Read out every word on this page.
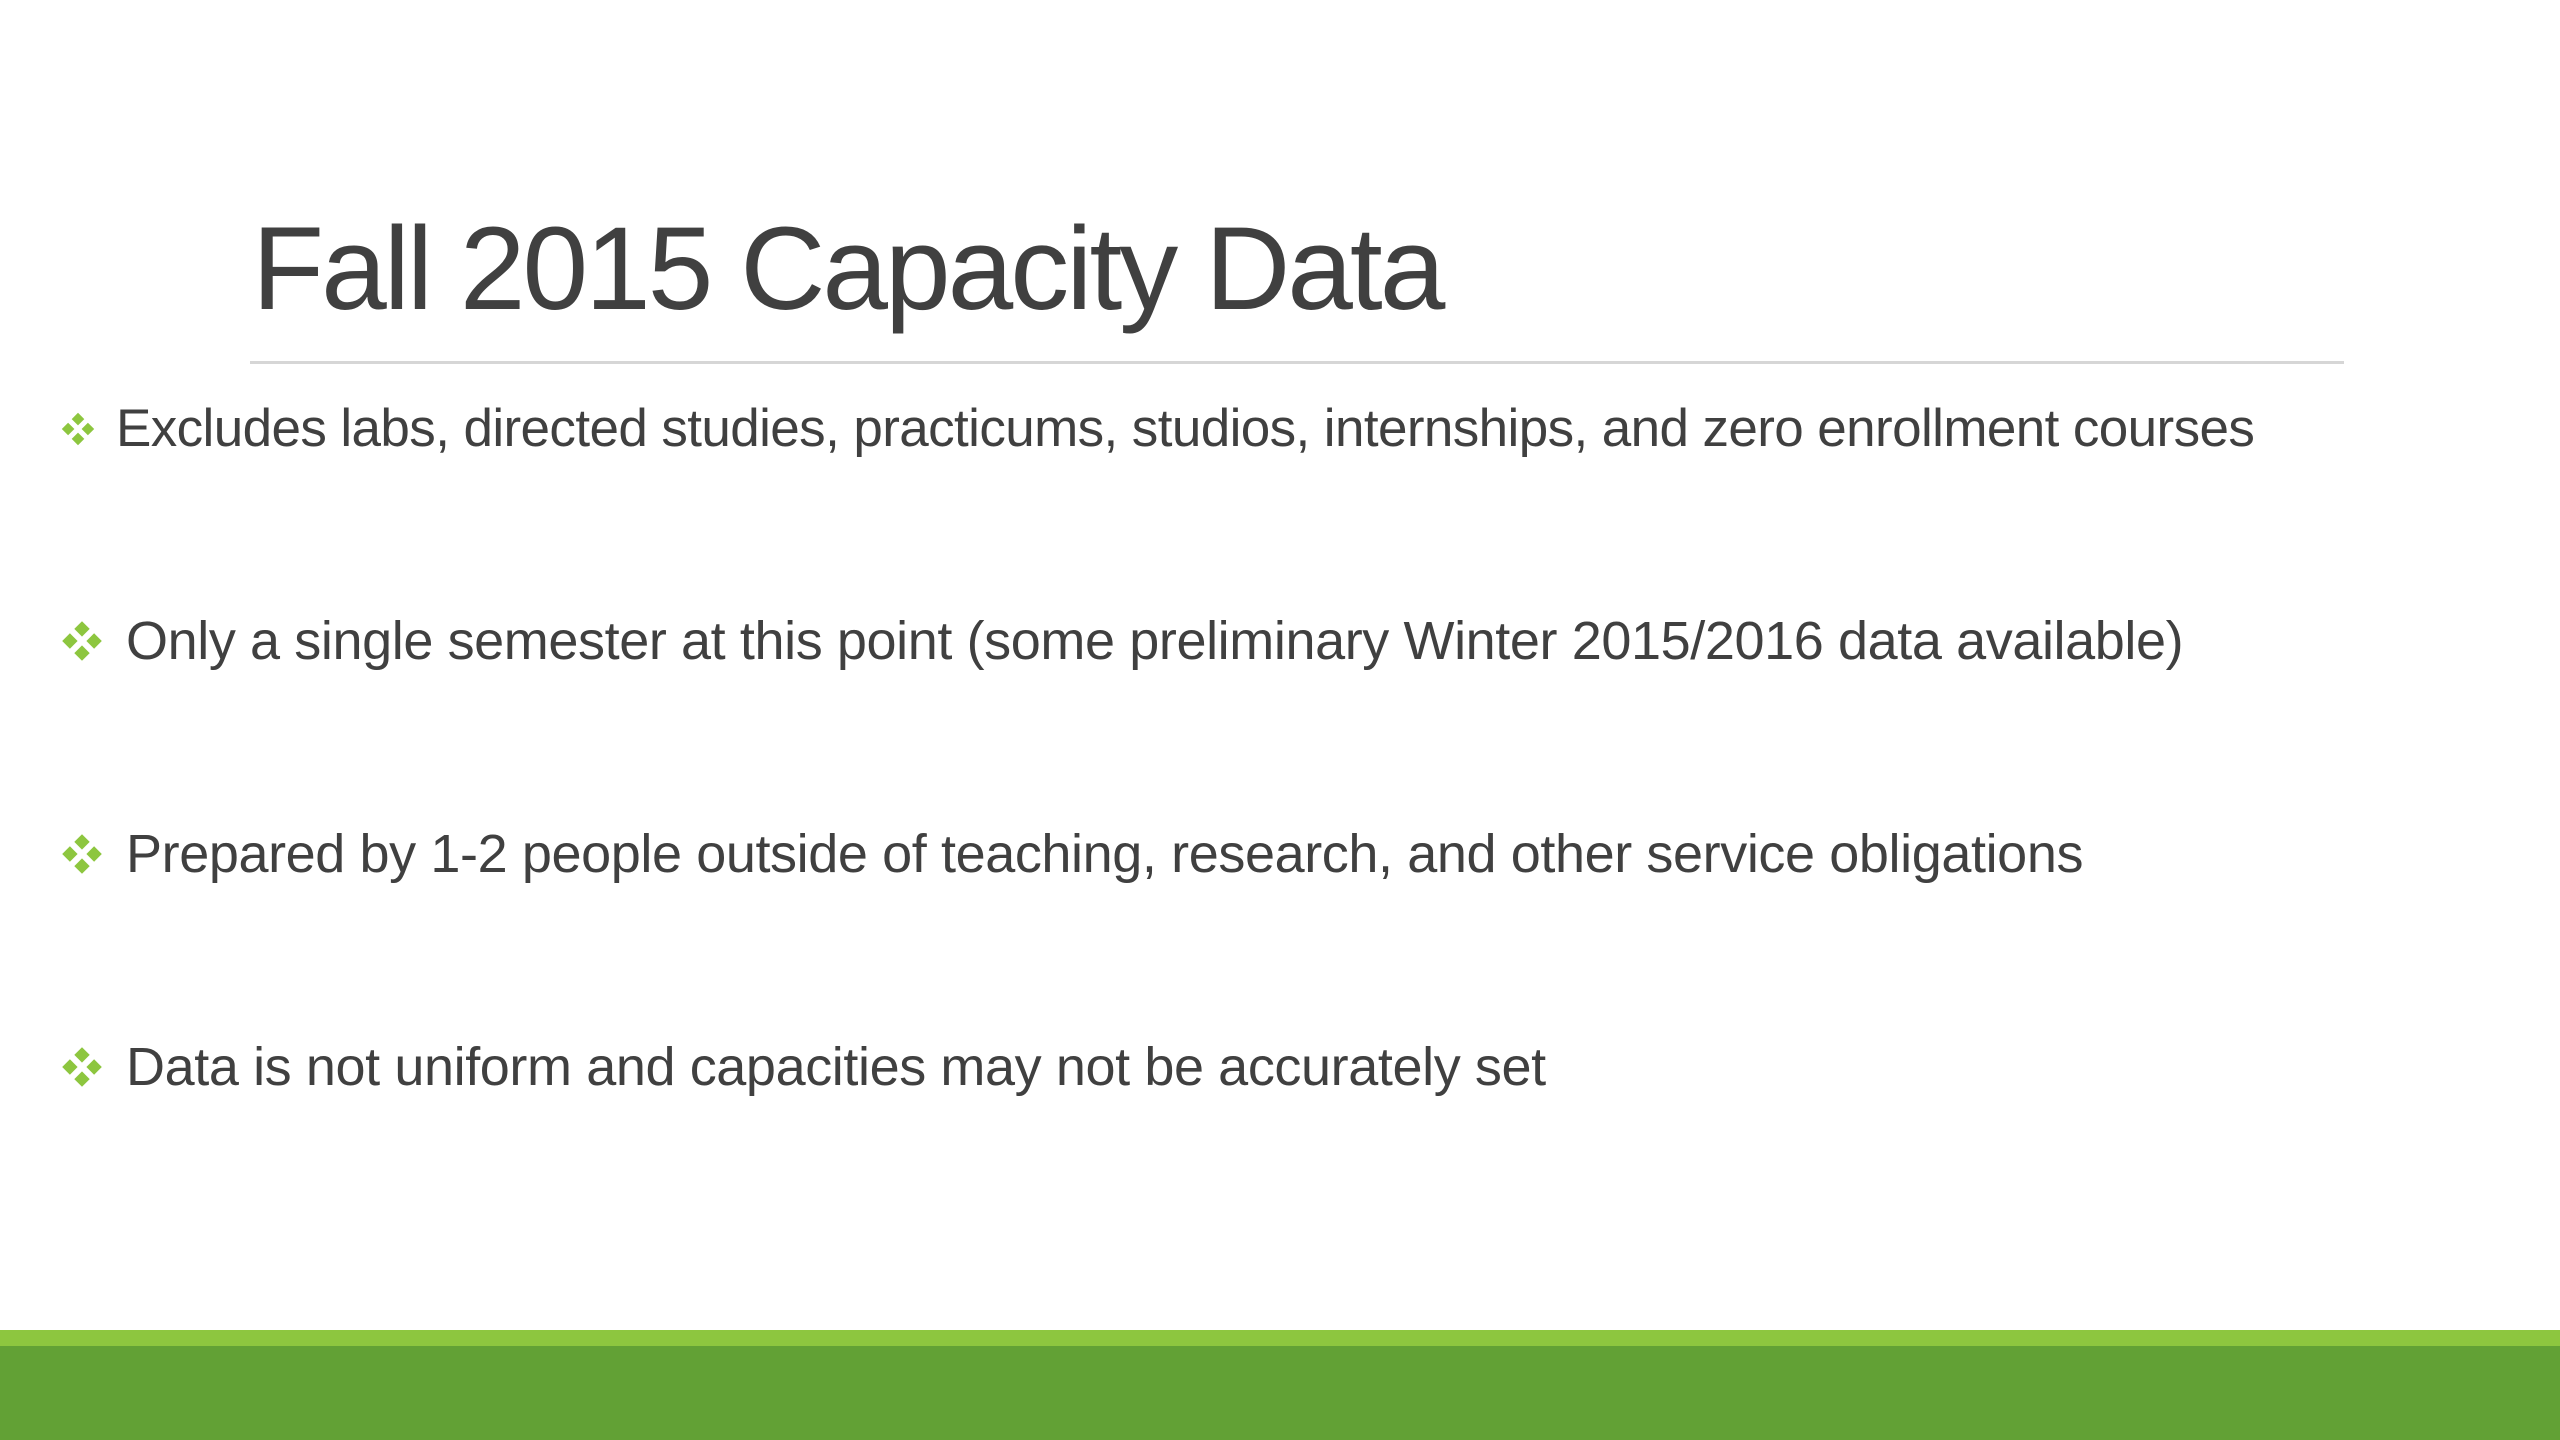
Fall 2015 Capacity Data
Excludes labs, directed studies, practicums, studios, internships, and zero enrollment courses
Only a single semester at this point (some preliminary Winter 2015/2016 data available)
Prepared by 1-2 people outside of teaching, research, and other service obligations
Data is not uniform and capacities may not be accurately set
